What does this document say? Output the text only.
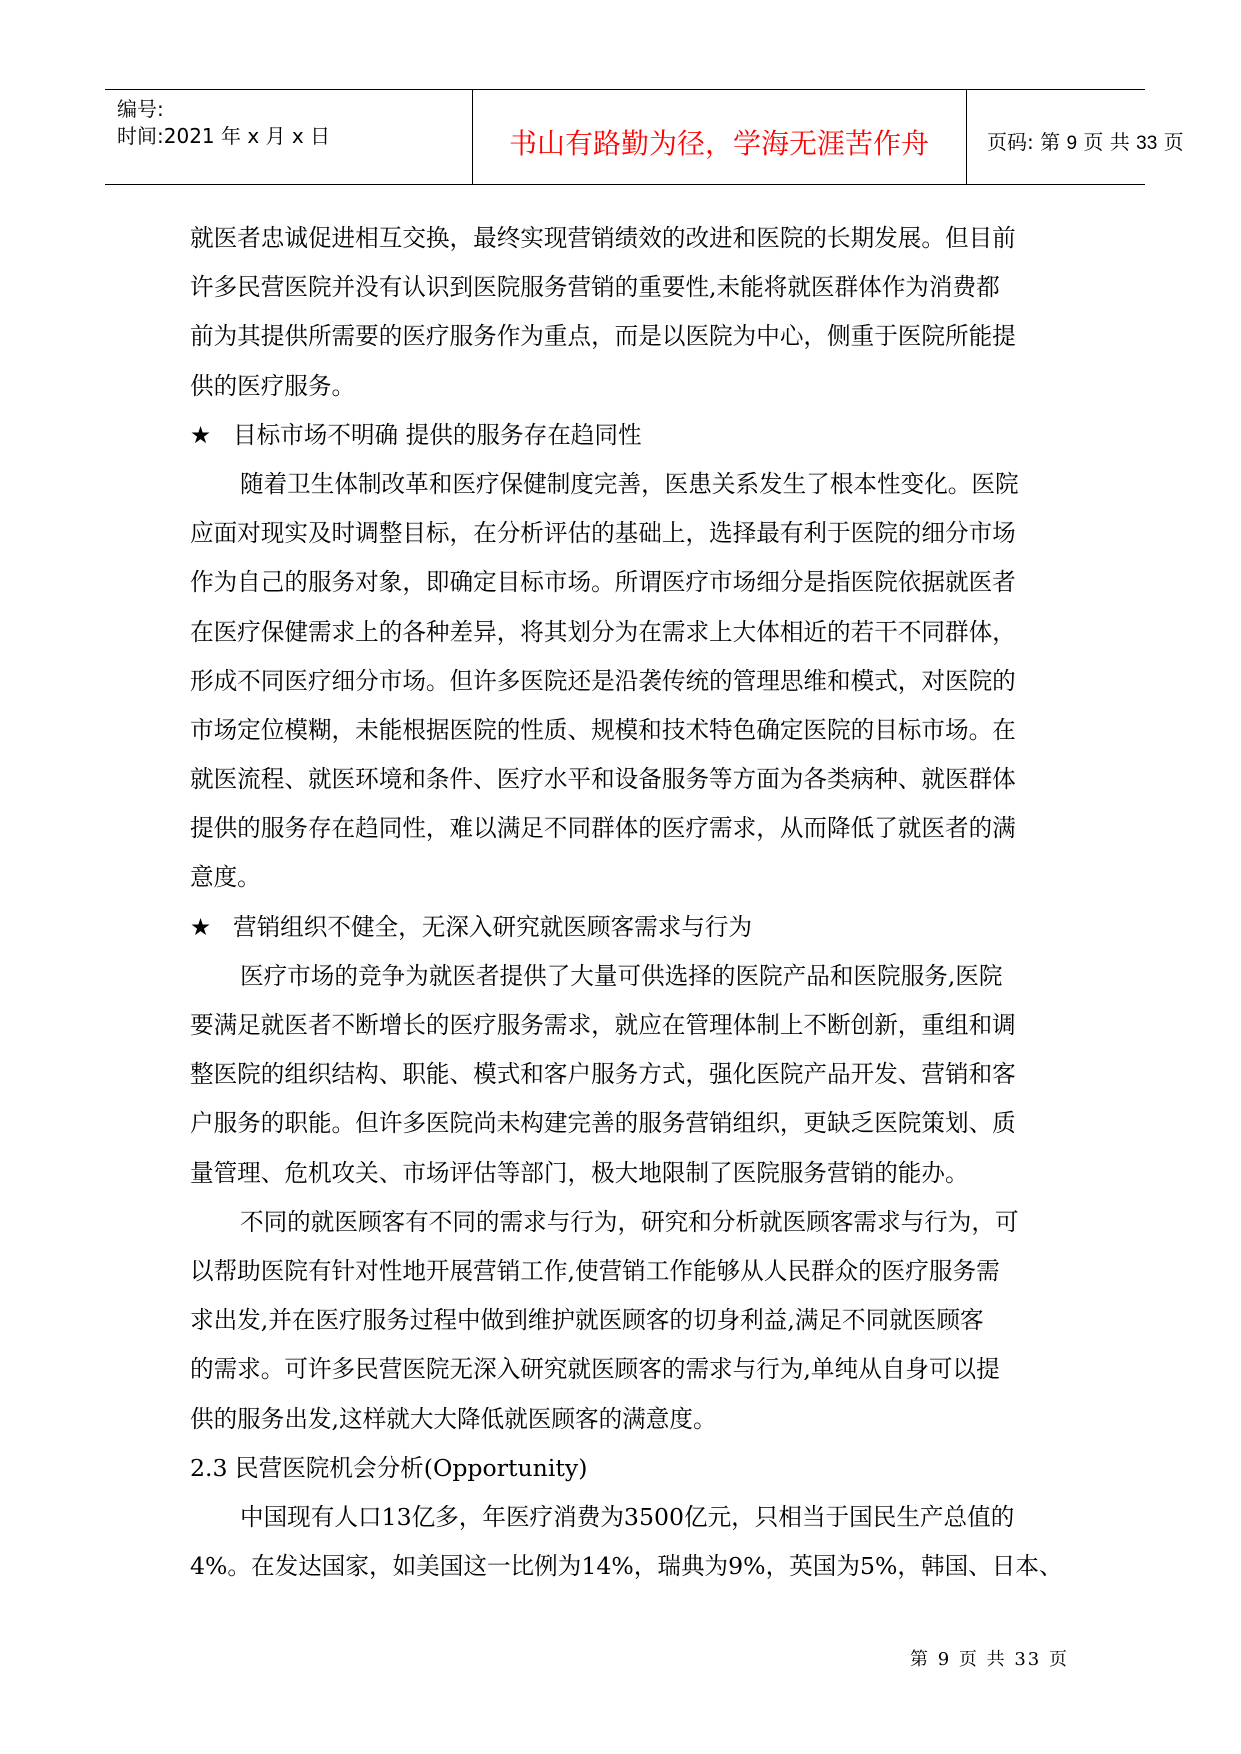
编号:
时间:2021 年 x 月 x 日	书山有路勤为径，学海无涯苦作舟	页码: 第 9 页 共 33 页
就医者忠诚促进相互交换，最终实现营销绩效的改进和医院的长期发展。但目前
许多民营医院并没有认识到医院服务营销的重要性,未能将就医群体作为消费都
前为其提供所需要的医疗服务作为重点，而是以医院为中心，侧重于医院所能提
供的医疗服务。
★ 目标市场不明确 提供的服务存在趋同性
随着卫生体制改革和医疗保健制度完善，医患关系发生了根本性变化。医院
应面对现实及时调整目标，在分析评估的基础上，选择最有利于医院的细分市场
作为自己的服务对象，即确定目标市场。所谓医疗市场细分是指医院依据就医者
在医疗保健需求上的各种差异，将其划分为在需求上大体相近的若干不同群体，
形成不同医疗细分市场。但许多医院还是沿袭传统的管理思维和模式，对医院的
市场定位模糊，未能根据医院的性质、规模和技术特色确定医院的目标市场。在
就医流程、就医环境和条件、医疗水平和设备服务等方面为各类病种、就医群体
提供的服务存在趋同性，难以满足不同群体的医疗需求，从而降低了就医者的满
意度。
★ 营销组织不健全，无深入研究就医顾客需求与行为
医疗市场的竞争为就医者提供了大量可供选择的医院产品和医院服务,医院
要满足就医者不断增长的医疗服务需求，就应在管理体制上不断创新，重组和调
整医院的组织结构、职能、模式和客户服务方式，强化医院产品开发、营销和客
户服务的职能。但许多医院尚未构建完善的服务营销组织，更缺乏医院策划、质
量管理、危机攻关、市场评估等部门，极大地限制了医院服务营销的能办。
不同的就医顾客有不同的需求与行为，研究和分析就医顾客需求与行为，可
以帮助医院有针对性地开展营销工作,使营销工作能够从人民群众的医疗服务需
求出发,并在医疗服务过程中做到维护就医顾客的切身利益,满足不同就医顾客
的需求。可许多民营医院无深入研究就医顾客的需求与行为,单纯从自身可以提
供的服务出发,这样就大大降低就医顾客的满意度。
2.3 民营医院机会分析(Opportunity)
中国现有人口13亿多，年医疗消费为3500亿元，只相当于国民生产总值的
4%。在发达国家，如美国这一比例为14%，瑞典为9%，英国为5%，韩国、日本、
第 9 页 共 33 页
